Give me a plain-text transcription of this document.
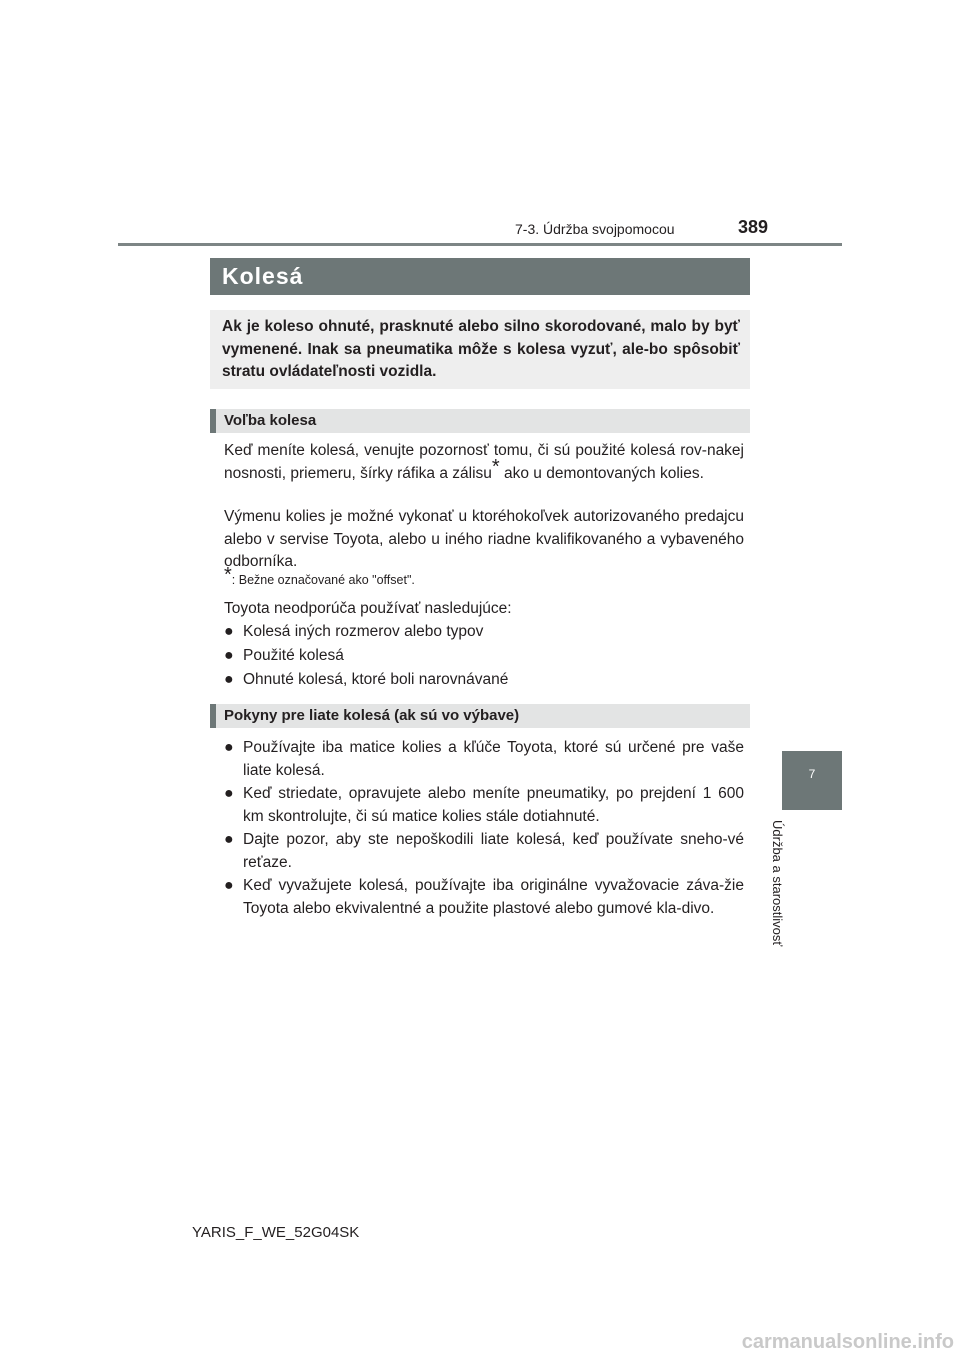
7-3. Údržba svojpomocou	389
7
Údržba a starostlivosť
Kolesá
Ak je koleso ohnuté, prasknuté alebo silno skorodované, malo by byť vymenené. Inak sa pneumatika môže s kolesa vyzuť, ale-bo spôsobiť stratu ovládateľnosti vozidla.
Voľba kolesa
Keď meníte kolesá, venujte pozornosť tomu, či sú použité kolesá rov-nakej nosnosti, priemeru, šírky ráfika a zálisu* ako u demontovaných kolies.
Výmenu kolies je možné vykonať u ktoréhokoľvek autorizovaného predajcu alebo v servise Toyota, alebo u iného riadne kvalifikovaného a vybaveného odborníka.
*: Bežne označované ako "offset".
Toyota neodporúča používať nasledujúce:
● Kolesá iných rozmerov alebo typov
● Použité kolesá
● Ohnuté kolesá, ktoré boli narovnávané
Pokyny pre liate kolesá (ak sú vo výbave)
● Používajte iba matice kolies a kľúče Toyota, ktoré sú určené pre vaše liate kolesá.
● Keď striedate, opravujete alebo meníte pneumatiky, po prejdení 1 600 km skontrolujte, či sú matice kolies stále dotiahnuté.
● Dajte pozor, aby ste nepoškodili liate kolesá, keď používate sneho-vé reťaze.
● Keď vyvažujete kolesá, používajte iba originálne vyvažovacie záva-žie Toyota alebo ekvivalentné a použite plastové alebo gumové kla-divo.
YARIS_F_WE_52G04SK
carmanualsonline.info
